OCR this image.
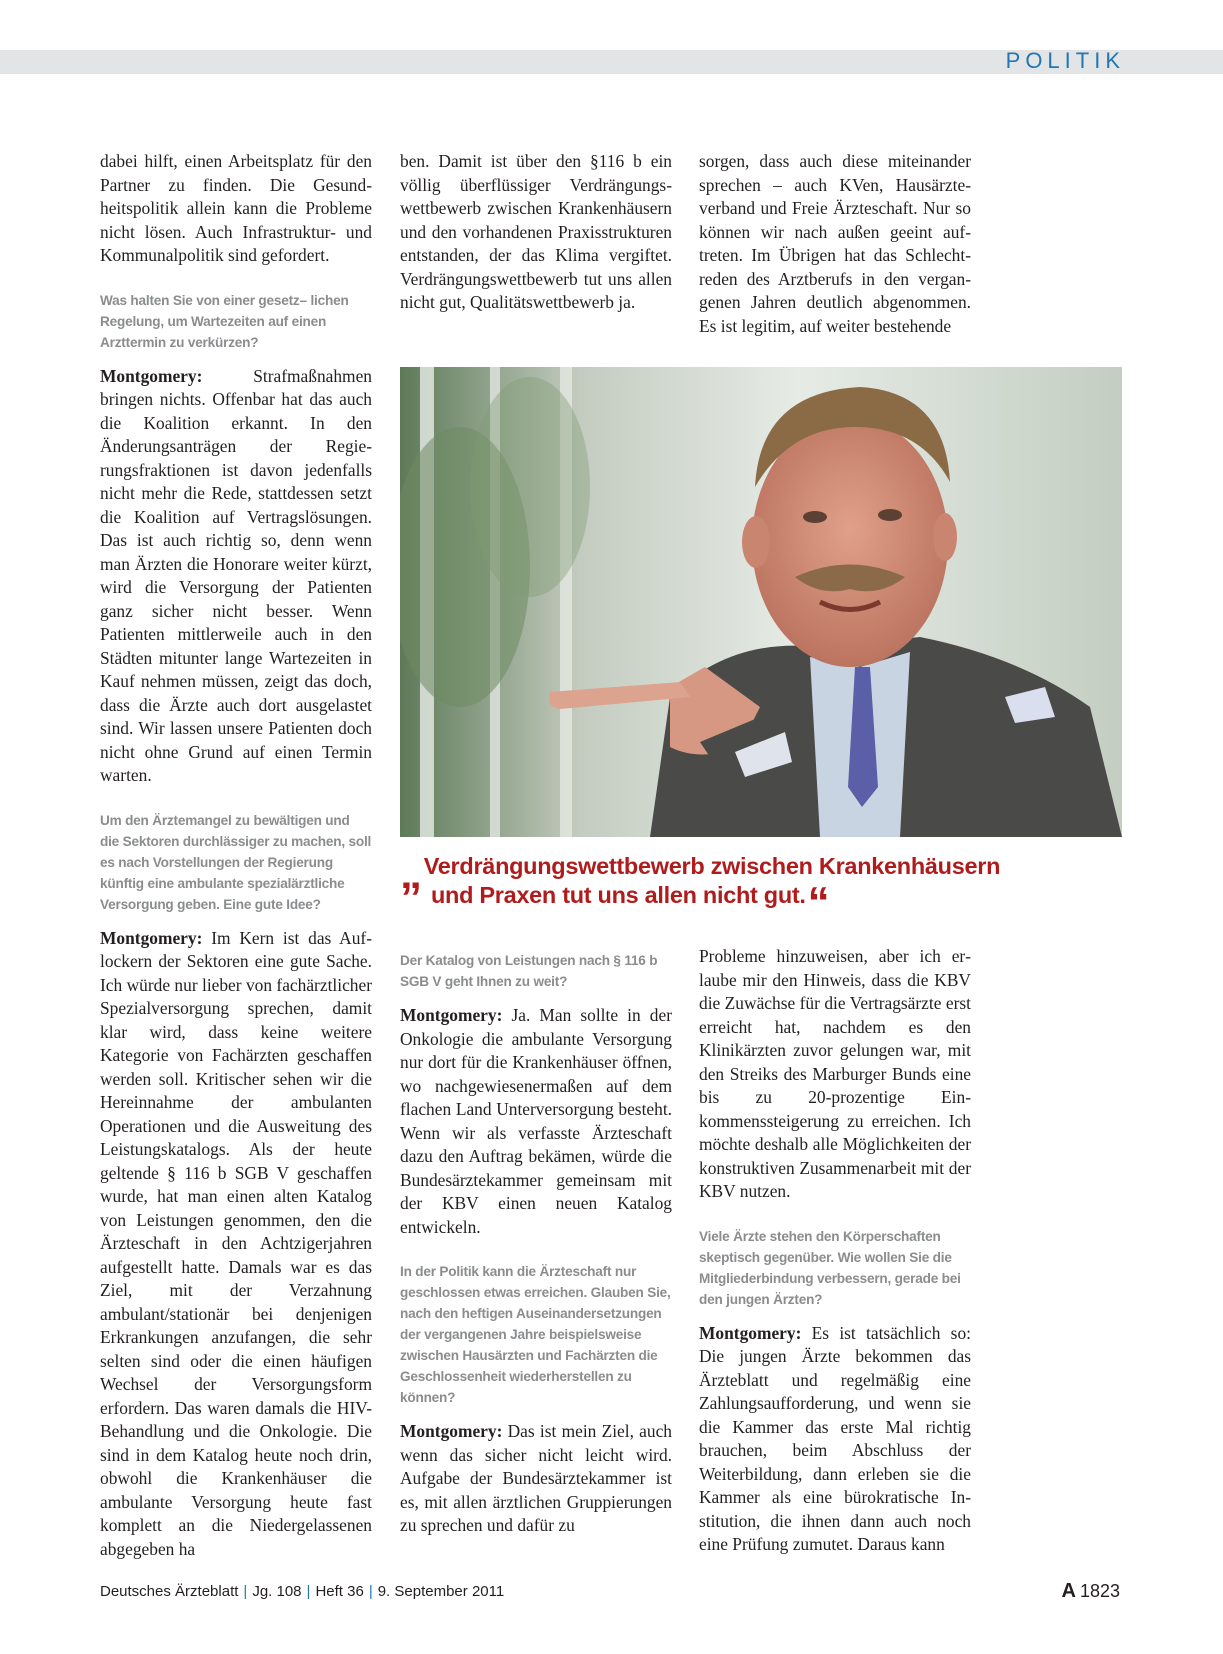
POLITIK

dabei hilft, einen Arbeitsplatz für den Partner zu finden. Die Gesundheitspolitik allein kann die Probleme nicht lösen. Auch Infrastruktur- und Kommunalpolitik sind gefordert.

Was halten Sie von einer gesetz– lichen Regelung, um Wartezeiten auf einen Arzttermin zu verkürzen?

Montgomery:	Strafmaßnahmen bringen nichts. Offenbar hat das auch die Koalition erkannt. In den Änderungsanträgen der Regierungsfraktionen ist davon jedenfalls nicht mehr die Rede, stattdessen setzt die Koalition auf Vertragslösungen. Das ist auch richtig so, denn wenn man Ärzten die Honorare weiter kürzt, wird die Versorgung der Patienten ganz sicher nicht besser. Wenn Patienten mittlerweile auch in den Städten mitunter lange Wartezeiten in Kauf nehmen müssen, zeigt das doch, dass die Ärzte auch dort ausgelastet sind. Wir lassen unsere Patienten doch nicht ohne Grund auf einen Termin warten.

Um den Ärztemangel zu bewältigen und die Sektoren durchlässiger zu machen, soll es nach Vorstellungen der Regierung künftig eine ambulante spezialärztliche Versorgung geben. Eine gute Idee?

Montgomery: Im Kern ist das Auflockern der Sektoren eine gute Sache. Ich würde nur lieber von fachärztlicher Spezialversorgung sprechen, damit klar wird, dass keine weitere Kategorie von Fachärzten geschaffen werden soll. Kritischer sehen wir die Hereinnahme der ambulanten Operationen und die Ausweitung des Leistungskatalogs. Als der heute geltende § 116 b SGB V geschaffen wurde, hat man einen alten Katalog von Leistungen genommen, den die Ärzteschaft in den Achtzigerjahren aufgestellt hatte. Damals war es das Ziel, mit der Verzahnung ambulant/stationär bei denjenigen Erkrankungen anzufangen, die sehr selten sind oder die einen häufigen Wechsel der Versorgungsform erfordern. Das waren damals die HIV-Behandlung und die Onkologie. Die sind in dem Katalog heute noch drin, obwohl die Krankenhäuser die ambulante Versorgung heute fast komplett an die Niedergelassenen abgegeben ha

ben. Damit ist über den §116 b ein völlig überflüssiger Verdrängungswettbewerb zwischen Krankenhäusern und den vorhandenen Praxisstrukturen entstanden, der das Klima vergiftet. Verdrängungswettbewerb tut uns allen nicht gut, Qualitätswettbewerb ja.

sorgen, dass auch diese miteinander sprechen – auch KVen, Hausärzteverband und Freie Ärzteschaft. Nur so können wir nach außen geeint auftreten. Im Übrigen hat das Schlechtreden des Arztberufs in den vergangenen Jahren deutlich abgenommen. Es ist legitim, auf weiter bestehende

„Verdrängungswettbewerb zwischen Krankenhäusern
und Praxen tut uns allen nicht gut.“

Der Katalog von Leistungen nach § 116 b SGB V geht Ihnen zu weit?

Montgomery: Ja. Man sollte in der Onkologie die ambulante Versorgung nur dort für die Krankenhäuser öffnen, wo nachgewiesenermaßen auf dem flachen Land Unterversorgung besteht. Wenn wir als verfasste Ärzteschaft dazu den Auftrag bekämen, würde die Bundesärztekammer gemeinsam mit der KBV einen neuen Katalog entwickeln.

In der Politik kann die Ärzteschaft nur geschlossen etwas erreichen. Glauben Sie, nach den heftigen Auseinandersetzungen der vergangenen Jahre beispielsweise zwischen Hausärzten und Fachärzten die Geschlossenheit wiederherstellen zu können?

Montgomery: Das ist mein Ziel, auch wenn das sicher nicht leicht wird. Aufgabe der Bundesärztekammer ist es, mit allen ärztlichen Gruppierungen zu sprechen und dafür zu

Probleme hinzuweisen, aber ich erlaube mir den Hinweis, dass die KBV die Zuwächse für die Vertragsärzte erst erreicht hat, nachdem es den Klinikärzten zuvor gelungen war, mit den Streiks des Marburger Bunds eine bis zu 20-prozentige Einkommenssteigerung zu erreichen. Ich möchte deshalb alle Möglichkeiten der konstruktiven Zusammenarbeit mit der KBV nutzen.

Viele Ärzte stehen den Körperschaften skeptisch gegenüber. Wie wollen Sie die Mitgliederbindung verbessern, gerade bei den jungen Ärzten?

Montgomery: Es ist tatsächlich so: Die jungen Ärzte bekommen das Ärzteblatt und regelmäßig eine Zahlungsaufforderung, und wenn sie die Kammer das erste Mal richtig brauchen, beim Abschluss der Weiterbildung, dann erleben sie die Kammer als eine bürokratische Institution, die ihnen dann auch noch eine Prüfung zumutet. Daraus kann

Deutsches Ärzteblatt | Jg. 108 | Heft 36 | 9. September 2011	A 1823
